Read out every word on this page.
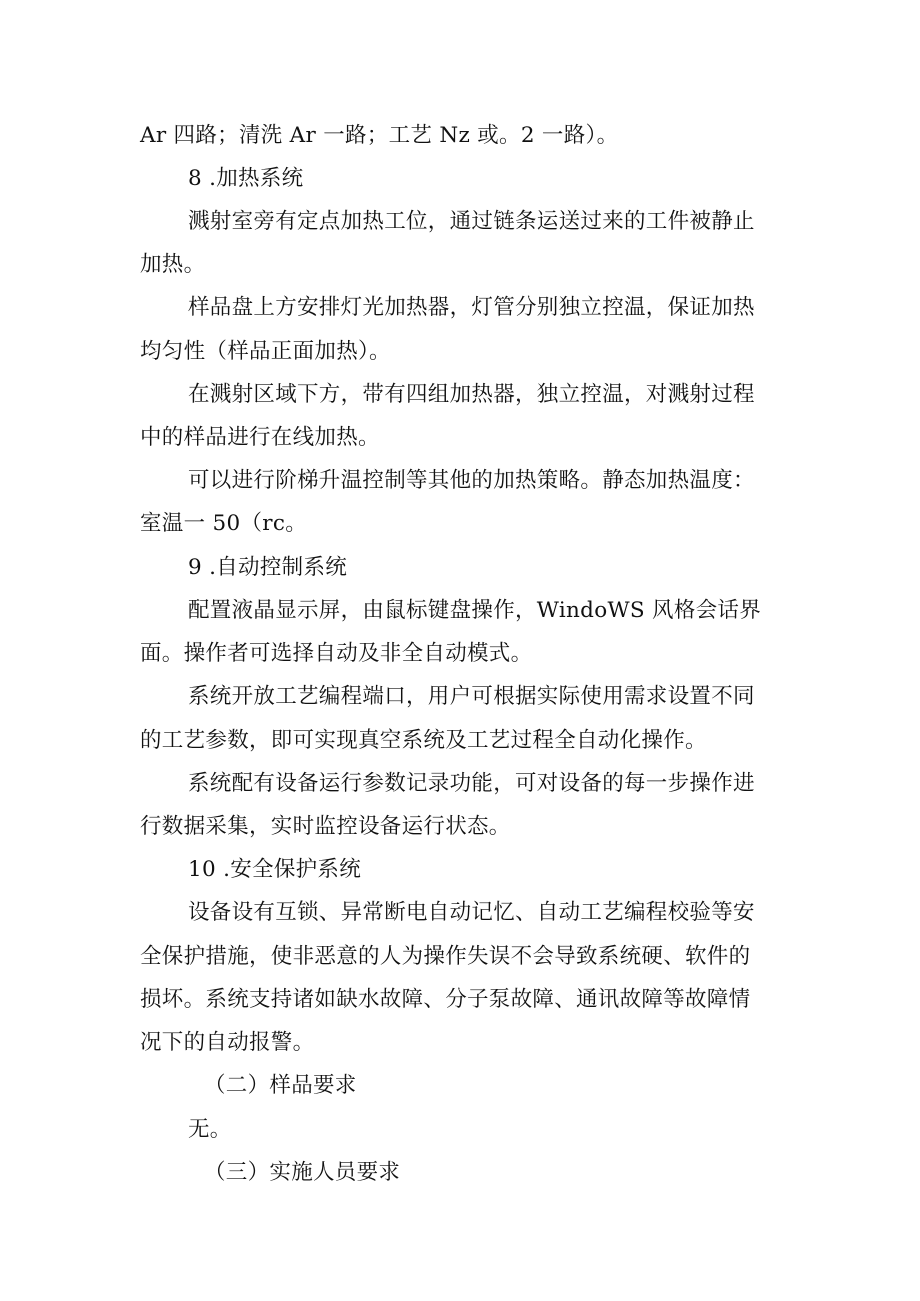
Ar 四路；清洗 Ar 一路；工艺 Nz 或。2 一路）。
8 .加热系统
溅射室旁有定点加热工位，通过链条运送过来的工件被静止
加热。
样品盘上方安排灯光加热器，灯管分别独立控温，保证加热
均匀性（样品正面加热）。
在溅射区域下方，带有四组加热器，独立控温，对溅射过程
中的样品进行在线加热。
可以进行阶梯升温控制等其他的加热策略。静态加热温度：
室温一 50（rc。
9 .自动控制系统
配置液晶显示屏，由鼠标键盘操作，WindoWS 风格会话界
面。操作者可选择自动及非全自动模式。
系统开放工艺编程端口，用户可根据实际使用需求设置不同
的工艺参数，即可实现真空系统及工艺过程全自动化操作。
系统配有设备运行参数记录功能，可对设备的每一步操作进
行数据采集，实时监控设备运行状态。
10 .安全保护系统
设备设有互锁、异常断电自动记忆、自动工艺编程校验等安
全保护措施，使非恶意的人为操作失误不会导致系统硬、软件的
损坏。系统支持诸如缺水故障、分子泵故障、通讯故障等故障情
况下的自动报警。
（二）样品要求
无。
（三）实施人员要求
